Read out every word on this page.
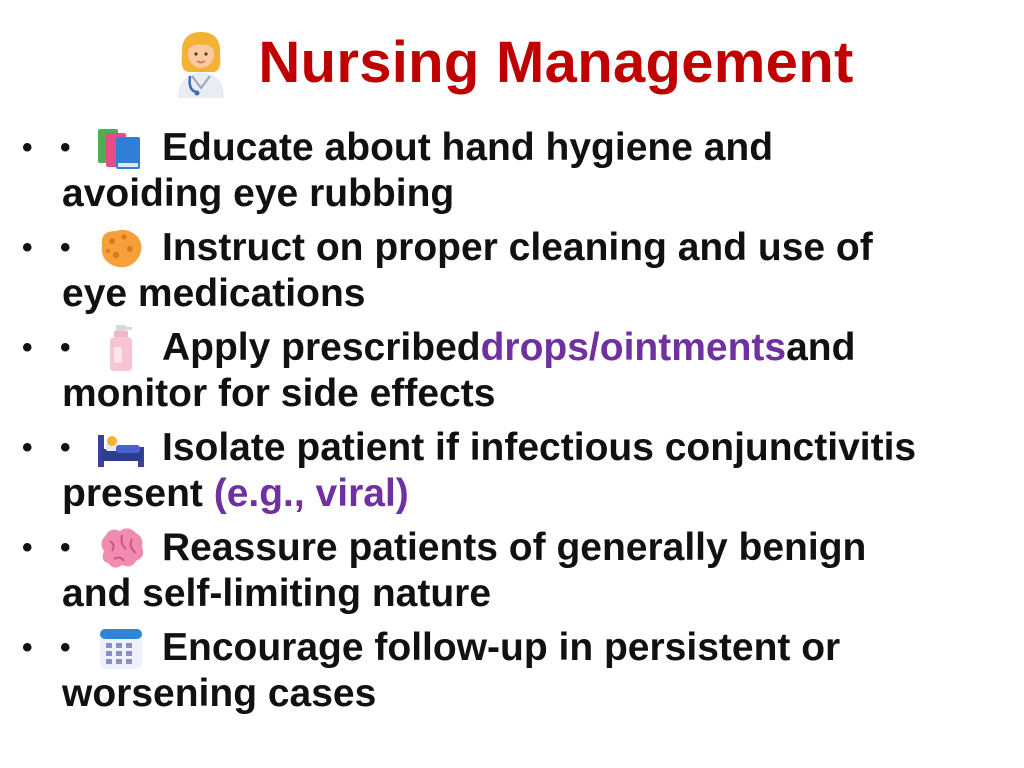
Nursing Management
• •	Educate about hand hygiene and
avoiding eye rubbing
• •	Instruct on proper cleaning and use of
eye medications
• •	Apply prescribed drops/ointments and
monitor for side effects
• •	Isolate patient if infectious conjunctivitis
present (e.g., viral)
• •	Reassure patients of generally benign
and self-limiting nature
• •	Encourage follow-up in persistent or
worsening cases
